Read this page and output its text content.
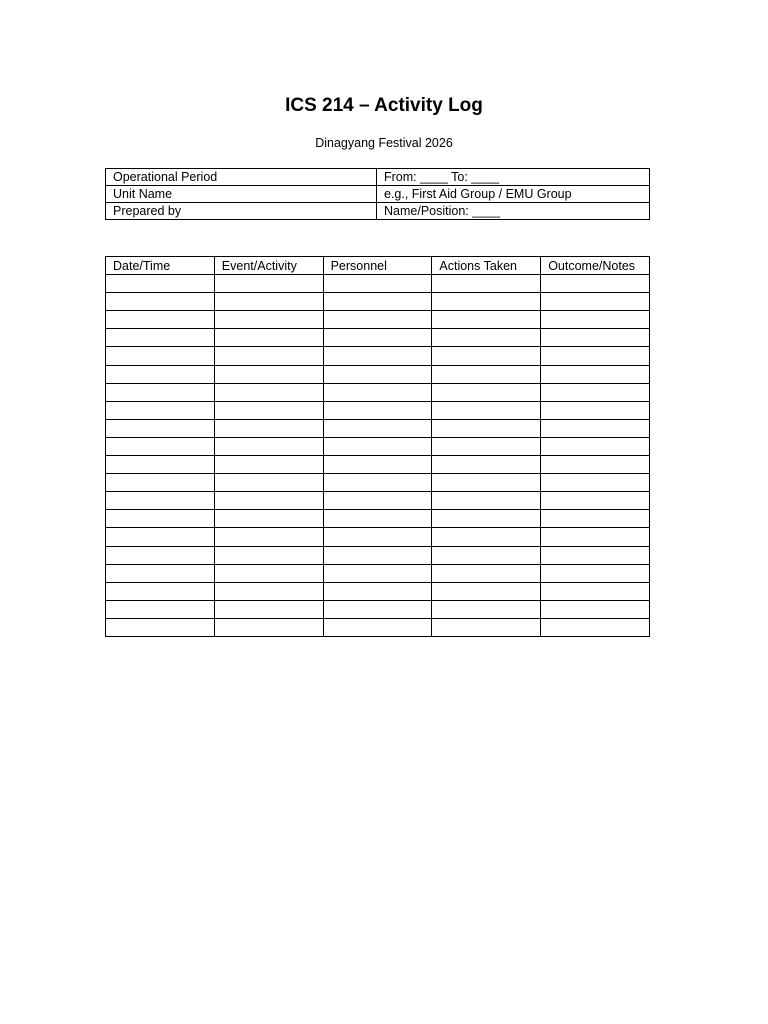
ICS 214 – Activity Log
Dinagyang Festival 2026
Operational Period	From: ____ To: ____
Unit Name	e.g., First Aid Group / EMU Group
Prepared by	Name/Position: ____
Date/Time	Event/Activity	Personnel	Actions Taken	Outcome/Notes
